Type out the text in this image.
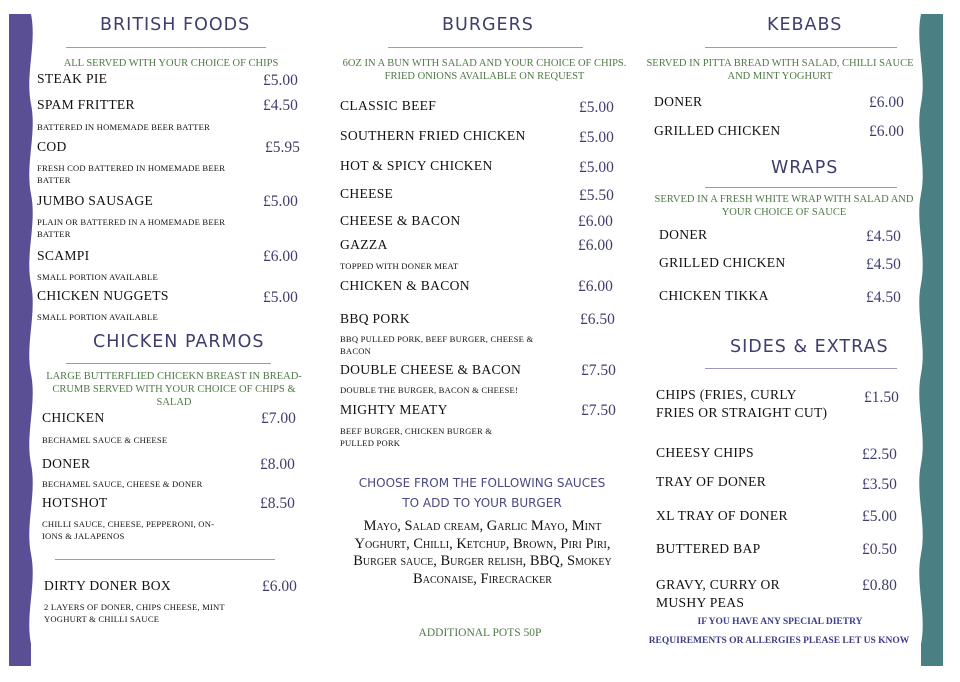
BRITISH FOODS
ALL SERVED WITH YOUR CHOICE OF CHIPS
STEAK PIE	£5.00
SPAM FRITTER	£4.50
BATTERED IN HOMEMADE BEER BATTER
COD	£5.95
FRESH COD BATTERED IN HOMEMADE BEER BATTER
JUMBO SAUSAGE	£5.00
PLAIN OR BATTERED IN A HOMEMADE BEER BATTER
SCAMPI	£6.00
SMALL PORTION AVAILABLE
CHICKEN NUGGETS	£5.00
SMALL PORTION AVAILABLE
CHICKEN PARMOS
LARGE BUTTERFLIED CHICEKN BREAST IN BREAD-CRUMB SERVED WITH YOUR CHOICE OF CHIPS & SALAD
CHICKEN	£7.00
BECHAMEL SAUCE & CHEESE
DONER	£8.00
BECHAMEL SAUCE, CHEESE & DONER
HOTSHOT	£8.50
CHILLI SAUCE, CHEESE, PEPPERONI, ON-IONS & JALAPENOS
DIRTY DONER BOX	£6.00
2 LAYERS OF DONER, CHIPS CHEESE, MINT YOGHURT & CHILLI SAUCE
BURGERS
6OZ IN A BUN WITH SALAD AND YOUR CHOICE OF CHIPS. FRIED ONIONS AVAILABLE ON REQUEST
CLASSIC BEEF	£5.00
SOUTHERN FRIED CHICKEN	£5.00
HOT & SPICY CHICKEN	£5.00
CHEESE	£5.50
CHEESE & BACON	£6.00
GAZZA	£6.00
TOPPED WITH DONER MEAT
CHICKEN & BACON	£6.00
BBQ PORK	£6.50
BBQ PULLED PORK, BEEF BURGER, CHEESE & BACON
DOUBLE CHEESE & BACON	£7.50
DOUBLE THE BURGER, BACON & CHEESE!
MIGHTY MEATY	£7.50
BEEF BURGER, CHICKEN BURGER & PULLED PORK
CHOOSE FROM THE FOLLOWING SAUCES TO ADD TO YOUR BURGER
Mayo, Salad cream, Garlic Mayo, Mint Yoghurt, Chilli, Ketchup, Brown, Piri Piri, Burger sauce, Burger relish, BBQ, Smokey Baconaise, Firecracker
ADDITIONAL POTS 50P
KEBABS
SERVED IN PITTA BREAD WITH SALAD, CHILLI SAUCE AND MINT YOGHURT
DONER	£6.00
GRILLED CHICKEN	£6.00
WRAPS
SERVED IN A FRESH WHITE WRAP WITH SALAD AND YOUR CHOICE OF SAUCE
DONER	£4.50
GRILLED CHICKEN	£4.50
CHICKEN TIKKA	£4.50
SIDES & EXTRAS
CHIPS (FRIES, CURLY FRIES OR STRAIGHT CUT)
£1.50
CHEESY CHIPS	£2.50
TRAY OF DONER	£3.50
XL TRAY OF DONER	£5.00
BUTTERED BAP	£0.50
GRAVY, CURRY OR MUSHY PEAS
£0.80
IF YOU HAVE ANY SPECIAL DIETRY
REQUIREMENTS OR ALLERGIES PLEASE LET US KNOW
